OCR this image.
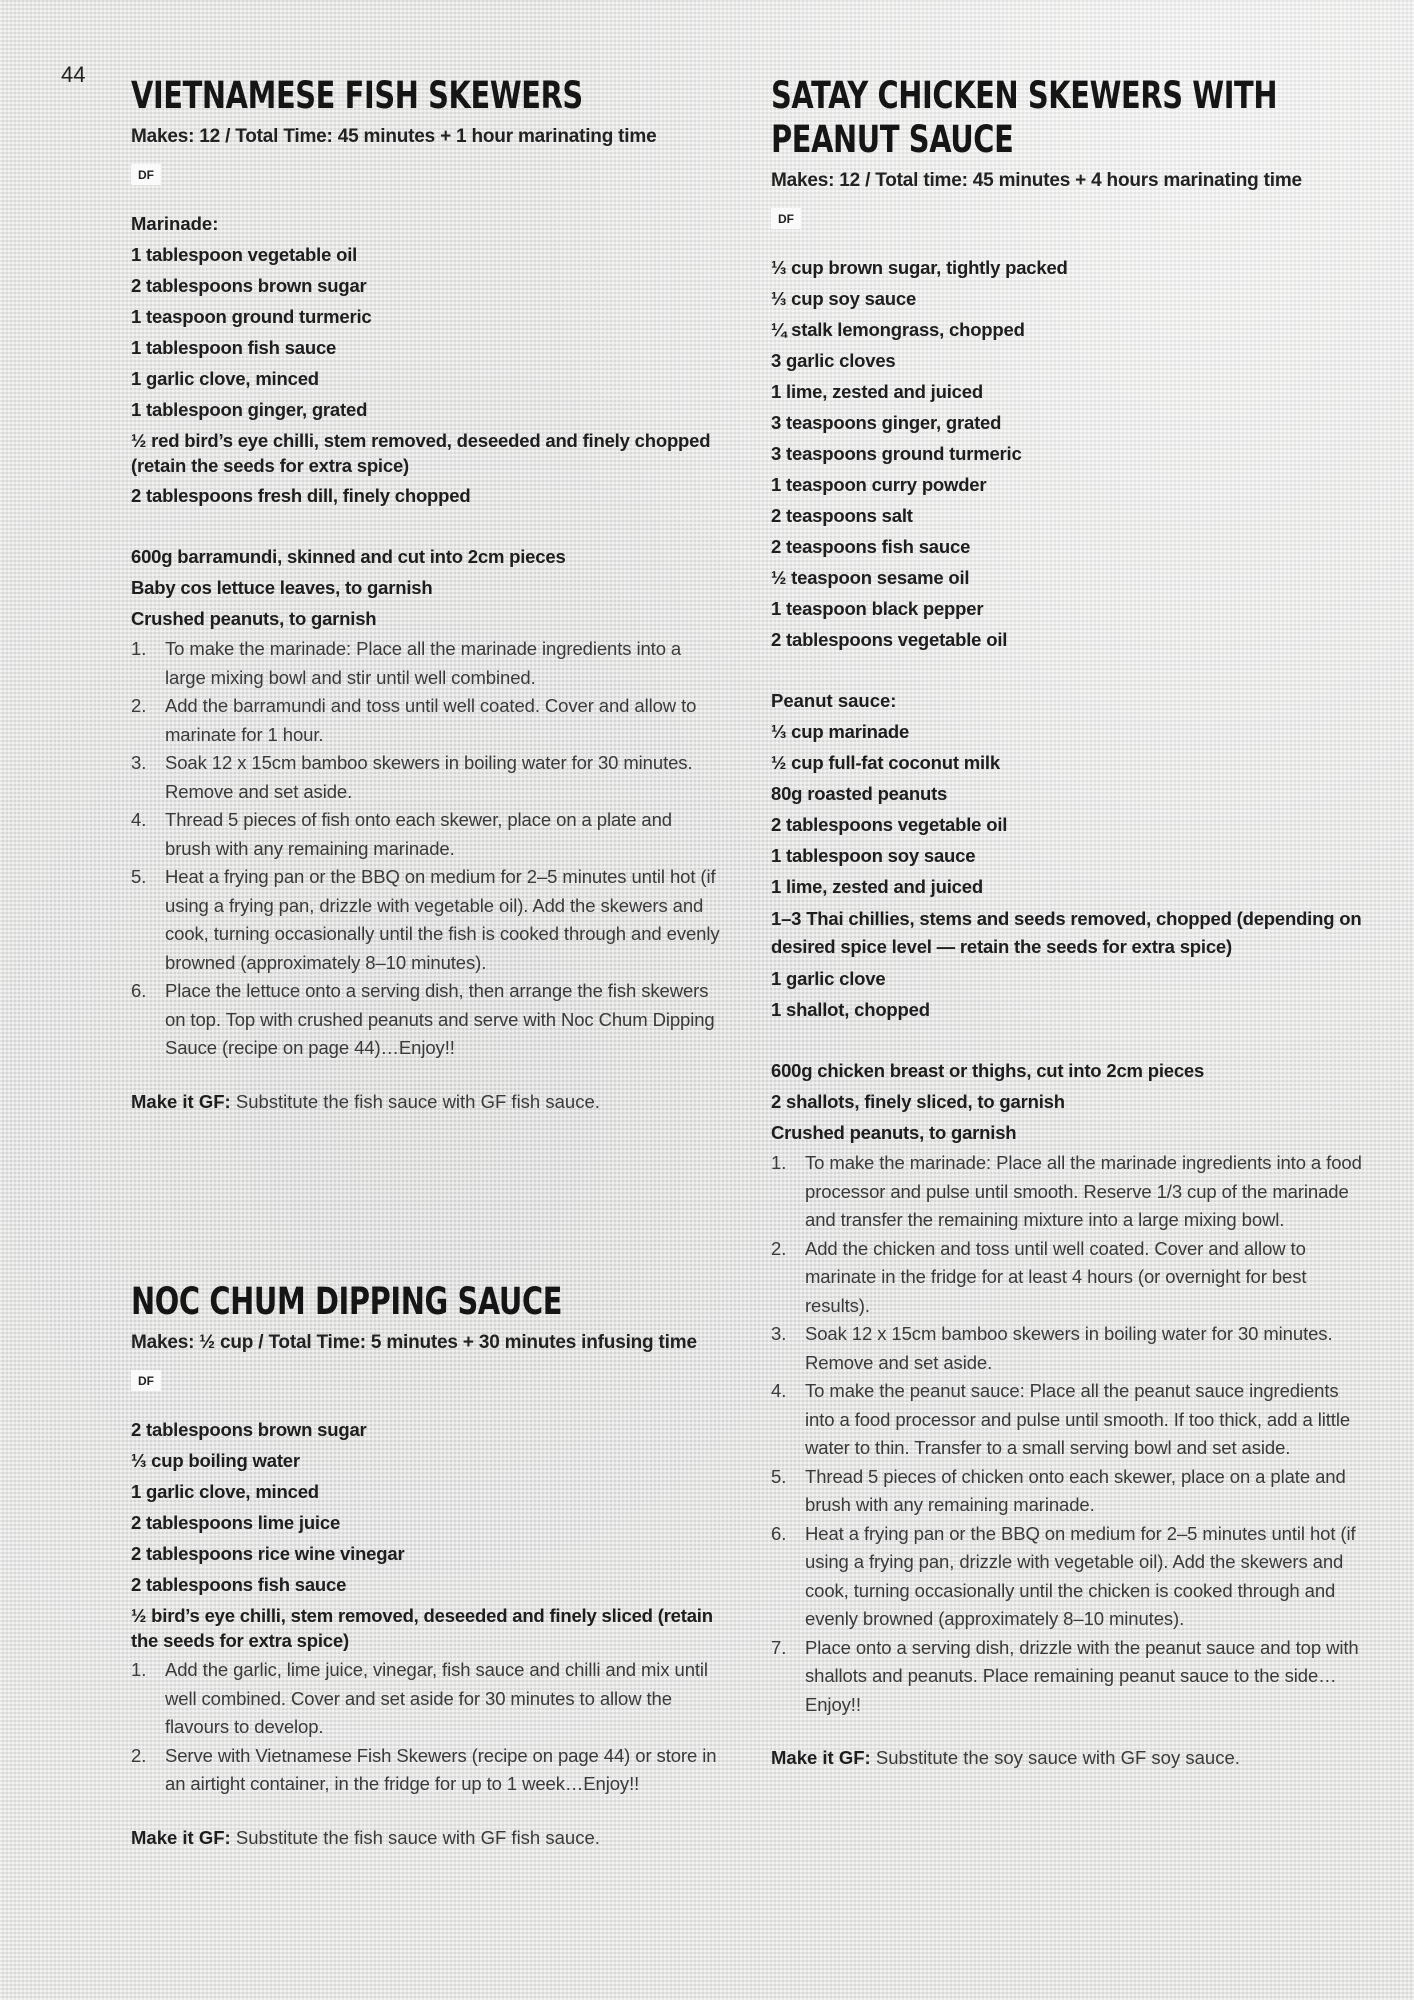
44 VIETNAMESE FISH SKEWERS

Makes: 12 / Total Time: 45 minutes + 1 hour marinating time

DF
Marinade:
1 tablespoon vegetable oil
2 tablespoons brown sugar
1 teaspoon ground turmeric
1 tablespoon fish sauce
1 garlic clove, minced
1 tablespoon ginger, grated
½ red bird’s eye chilli, stem removed, deseeded and finely chopped (retain the seeds for extra spice)
2 tablespoons fresh dill, finely chopped
600g barramundi, skinned and cut into 2cm pieces
Baby cos lettuce leaves, to garnish
Crushed peanuts, to garnish
1. To make the marinade: Place all the marinade ingredients into a large mixing bowl and stir until well combined.
2. Add the barramundi and toss until well coated. Cover and allow to marinate for 1 hour.
3. Soak 12 x 15cm bamboo skewers in boiling water for 30 minutes. Remove and set aside.
4. Thread 5 pieces of fish onto each skewer, place on a plate and brush with any remaining marinade.
5. Heat a frying pan or the BBQ on medium for 2–5 minutes until hot (if using a frying pan, drizzle with vegetable oil). Add the skewers and cook, turning occasionally until the fish is cooked through and evenly browned (approximately 8–10 minutes).
6. Place the lettuce onto a serving dish, then arrange the fish skewers on top. Top with crushed peanuts and serve with Noc Chum Dipping Sauce (recipe on page 44)…Enjoy!!

Make it GF: Substitute the fish sauce with GF fish sauce.

NOC CHUM DIPPING SAUCE

Makes: ½ cup / Total Time: 5 minutes + 30 minutes infusing time

DF
2 tablespoons brown sugar
⅓ cup boiling water
1 garlic clove, minced
2 tablespoons lime juice
2 tablespoons rice wine vinegar
2 tablespoons fish sauce
½ bird’s eye chilli, stem removed, deseeded and finely sliced (retain the seeds for extra spice)
1. Add the garlic, lime juice, vinegar, fish sauce and chilli and mix until well combined. Cover and set aside for 30 minutes to allow the flavours to develop.
2. Serve with Vietnamese Fish Skewers (recipe on page 44) or store in an airtight container, in the fridge for up to 1 week…Enjoy!!

Make it GF: Substitute the fish sauce with GF fish sauce.

SATAY CHICKEN SKEWERS WITH
PEANUT SAUCE

Makes: 12 / Total time: 45 minutes + 4 hours marinating time

DF
⅓ cup brown sugar, tightly packed
⅓ cup soy sauce
¼ stalk lemongrass, chopped
3 garlic cloves
1 lime, zested and juiced
3 teaspoons ginger, grated
3 teaspoons ground turmeric
1 teaspoon curry powder
2 teaspoons salt
2 teaspoons fish sauce
½ teaspoon sesame oil
1 teaspoon black pepper
2 tablespoons vegetable oil
Peanut sauce:
⅓ cup marinade
½ cup full-fat coconut milk
80g roasted peanuts
2 tablespoons vegetable oil
1 tablespoon soy sauce
1 lime, zested and juiced
1–3 Thai chillies, stems and seeds removed, chopped (depending on desired spice level — retain the seeds for extra spice)
1 garlic clove
1 shallot, chopped
600g chicken breast or thighs, cut into 2cm pieces
2 shallots, finely sliced, to garnish
Crushed peanuts, to garnish
1. To make the marinade: Place all the marinade ingredients into a food processor and pulse until smooth. Reserve 1/3 cup of the marinade and transfer the remaining mixture into a large mixing bowl.
2. Add the chicken and toss until well coated. Cover and allow to marinate in the fridge for at least 4 hours (or overnight for best results).
3. Soak 12 x 15cm bamboo skewers in boiling water for 30 minutes. Remove and set aside.
4. To make the peanut sauce: Place all the peanut sauce ingredients into a food processor and pulse until smooth. If too thick, add a little water to thin. Transfer to a small serving bowl and set aside.
5. Thread 5 pieces of chicken onto each skewer, place on a plate and brush with any remaining marinade.
6. Heat a frying pan or the BBQ on medium for 2–5 minutes until hot (if using a frying pan, drizzle with vegetable oil). Add the skewers and cook, turning occasionally until the chicken is cooked through and evenly browned (approximately 8–10 minutes).
7. Place onto a serving dish, drizzle with the peanut sauce and top with shallots and peanuts. Place remaining peanut sauce to the side…Enjoy!!

Make it GF: Substitute the soy sauce with GF soy sauce.
